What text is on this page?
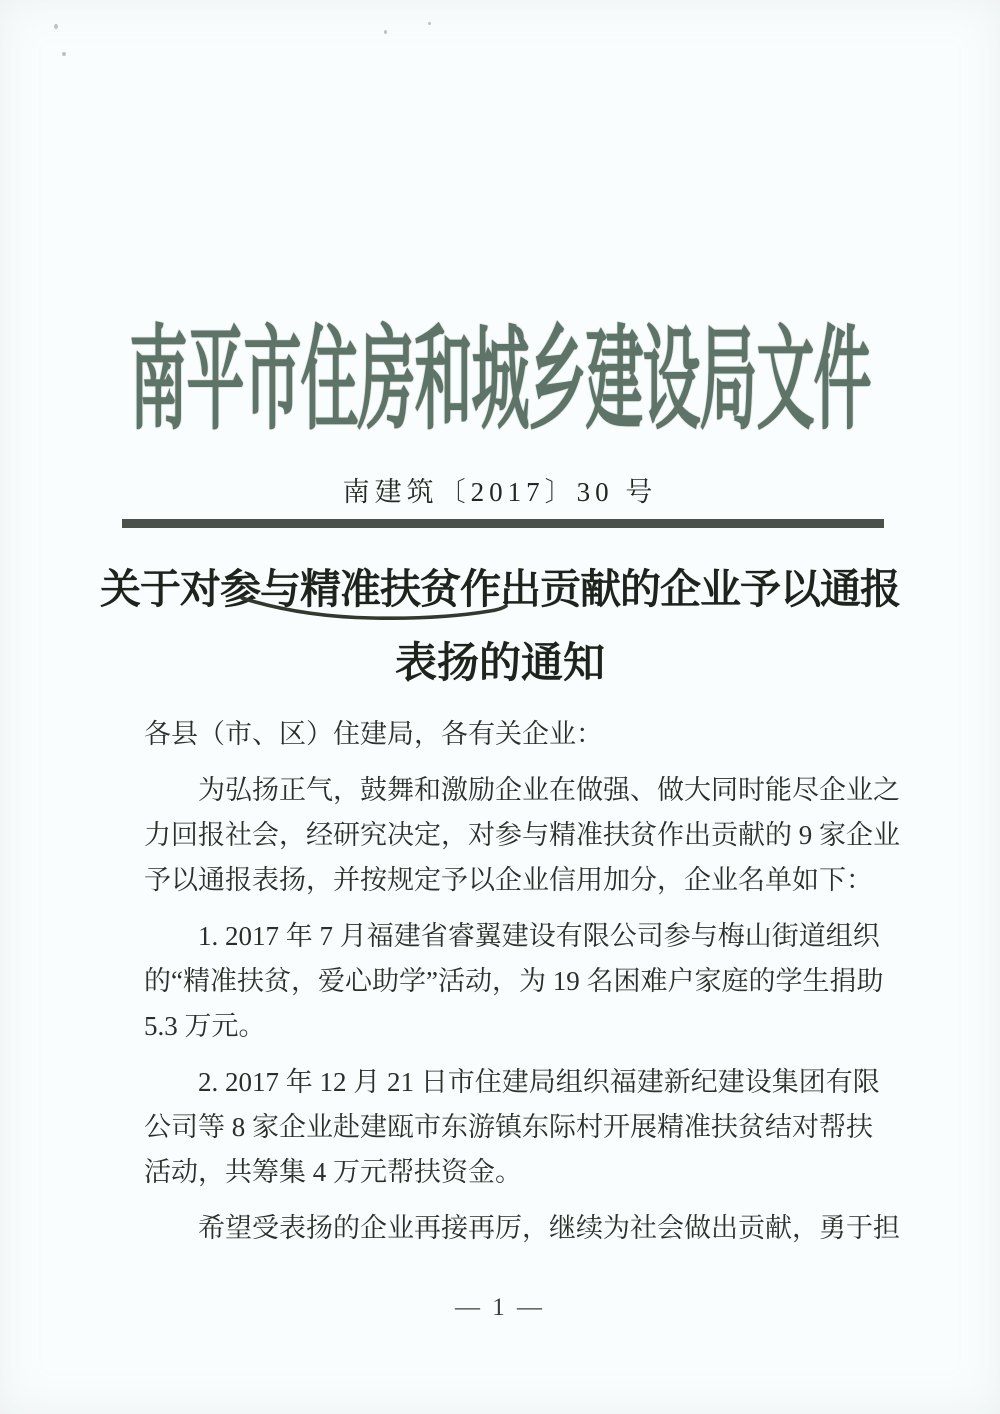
南平市住房和城乡建设局文件
南建筑〔2017〕30 号
关于对参与精准扶贫作出贡献的企业予以通报
表扬的通知
各县（市、区）住建局，各有关企业：
为弘扬正气，鼓舞和激励企业在做强、做大同时能尽企业之
力回报社会，经研究决定，对参与精准扶贫作出贡献的 9 家企业
予以通报表扬，并按规定予以企业信用加分，企业名单如下：
1. 2017 年 7 月福建省睿翼建设有限公司参与梅山街道组织
的“精准扶贫，爱心助学”活动，为 19 名困难户家庭的学生捐助
5.3 万元。
2. 2017 年 12 月 21 日市住建局组织福建新纪建设集团有限
公司等 8 家企业赴建瓯市东游镇东际村开展精准扶贫结对帮扶
活动，共筹集 4 万元帮扶资金。
希望受表扬的企业再接再厉，继续为社会做出贡献，勇于担
— 1 —
